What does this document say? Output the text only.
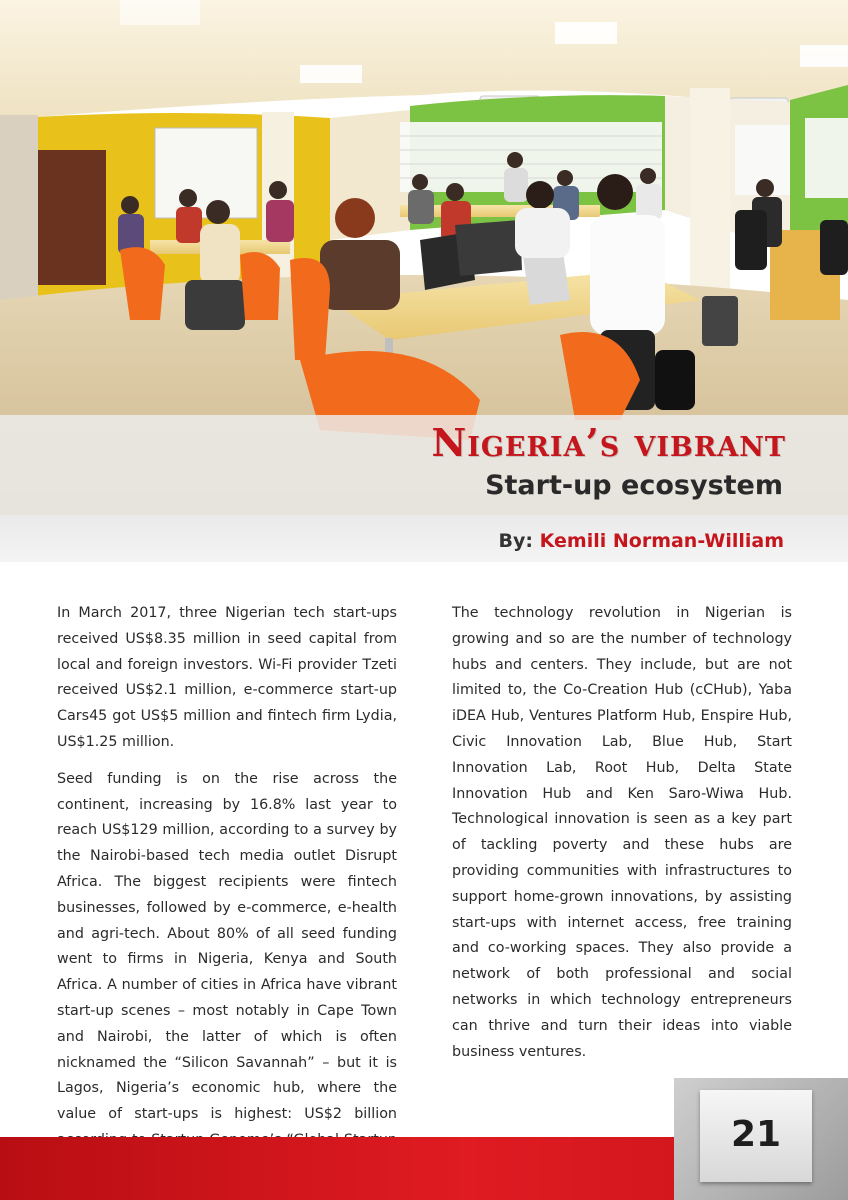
Nigeria’s vibrant
Start-up ecosystem
By: Kemili Norman-William

In March 2017, three Nigerian tech start-ups received US$8.35 million in seed capital from local and foreign investors. Wi-Fi provider Tzeti received US$2.1 million, e-commerce start-up Cars45 got US$5 million and fintech firm Lydia, US$1.25 million.

Seed funding is on the rise across the continent, increasing by 16.8% last year to reach US$129 million, according to a survey by the Nairobi-based tech media outlet Disrupt Africa. The biggest recipients were fintech businesses, followed by e-commerce, e-health and agri-tech. About 80% of all seed funding went to firms in Nigeria, Kenya and South Africa. A number of cities in Africa have vibrant start-up scenes – most notably in Cape Town and Nairobi, the latter of which is often nicknamed the “Silicon Savannah” – but it is Lagos, Nigeria’s economic hub, where the value of start-ups is highest: US$2 billion

The technology revolution in Nigerian is growing and so are the number of technology hubs and centers. They include, but are not limited to, the Co-Creation Hub (cCHub), Yaba iDEA Hub, Ventures Platform Hub, Enspire Hub, Civic Innovation Lab, Blue Hub, Start Innovation Lab, Root Hub, Delta State Innovation Hub and Ken Saro-Wiwa Hub. Technological innovation is seen as a key part of tackling poverty and these hubs are providing communities with infrastructures to support home-grown innovations, by assisting start-ups with internet access, free training and co-working spaces. They also provide a network of both professional and social networks in which technology entrepreneurs can thrive and turn their ideas into viable business ventures.

21
